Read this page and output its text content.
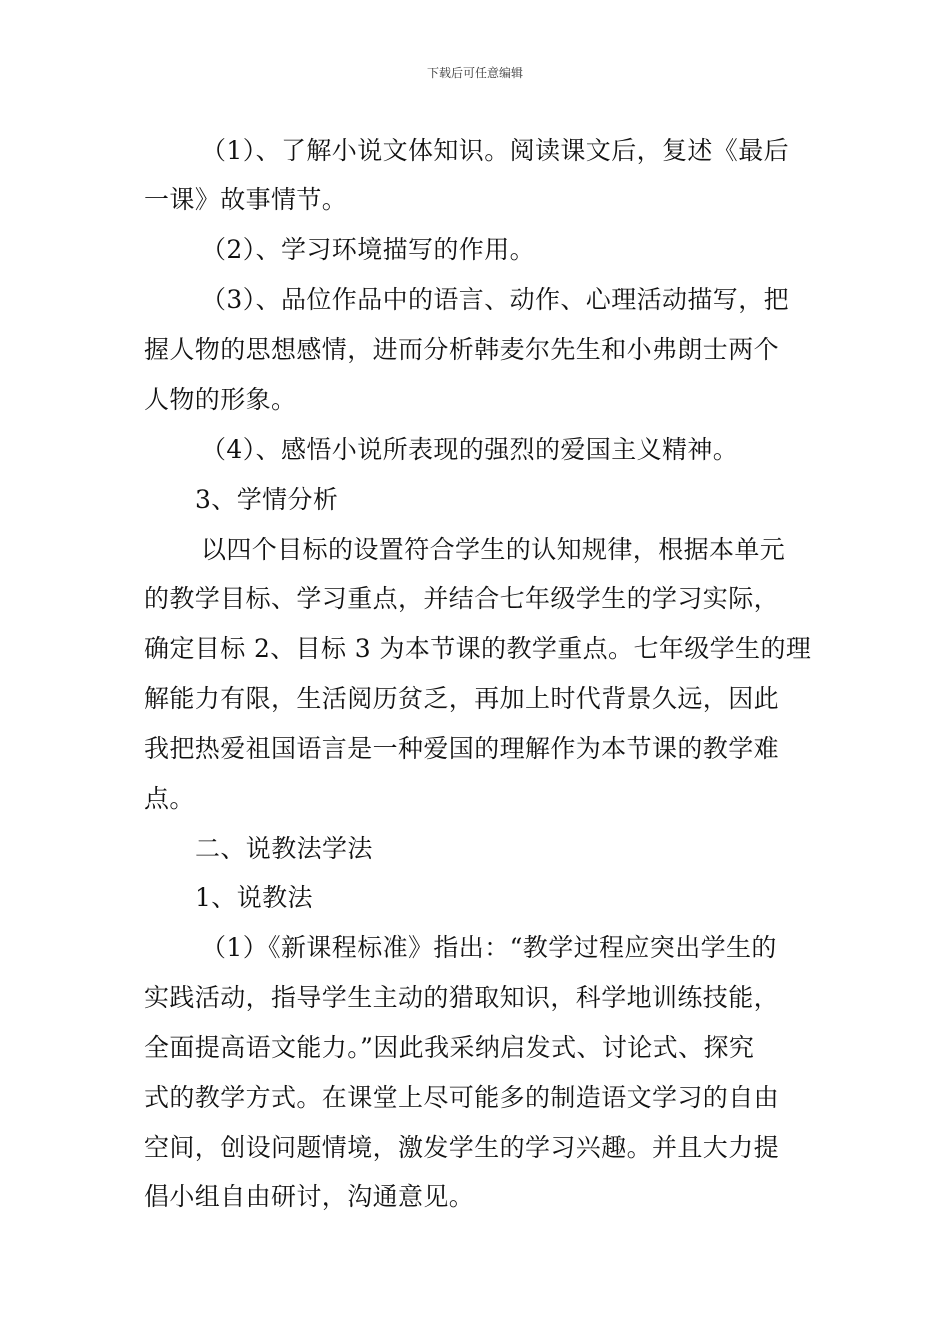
下载后可任意编辑
（1）、了解小说文体知识。阅读课文后，复述《最后
一课》故事情节。
（2）、学习环境描写的作用。
（3）、品位作品中的语言、动作、心理活动描写，把
握人物的思想感情，进而分析韩麦尔先生和小弗朗士两个
人物的形象。
（4）、感悟小说所表现的强烈的爱国主义精神。
3、学情分析
以四个目标的设置符合学生的认知规律，根据本单元
的教学目标、学习重点，并结合七年级学生的学习实际，
确定目标 2、目标 3 为本节课的教学重点。七年级学生的理
解能力有限，生活阅历贫乏，再加上时代背景久远，因此
我把热爱祖国语言是一种爱国的理解作为本节课的教学难
点。
二、说教法学法
1、说教法
（1）《新课程标准》指出：“教学过程应突出学生的
实践活动，指导学生主动的猎取知识，科学地训练技能，
全面提高语文能力。”因此我采纳启发式、讨论式、探究
式的教学方式。在课堂上尽可能多的制造语文学习的自由
空间，创设问题情境，激发学生的学习兴趣。并且大力提
倡小组自由研讨，沟通意见。
